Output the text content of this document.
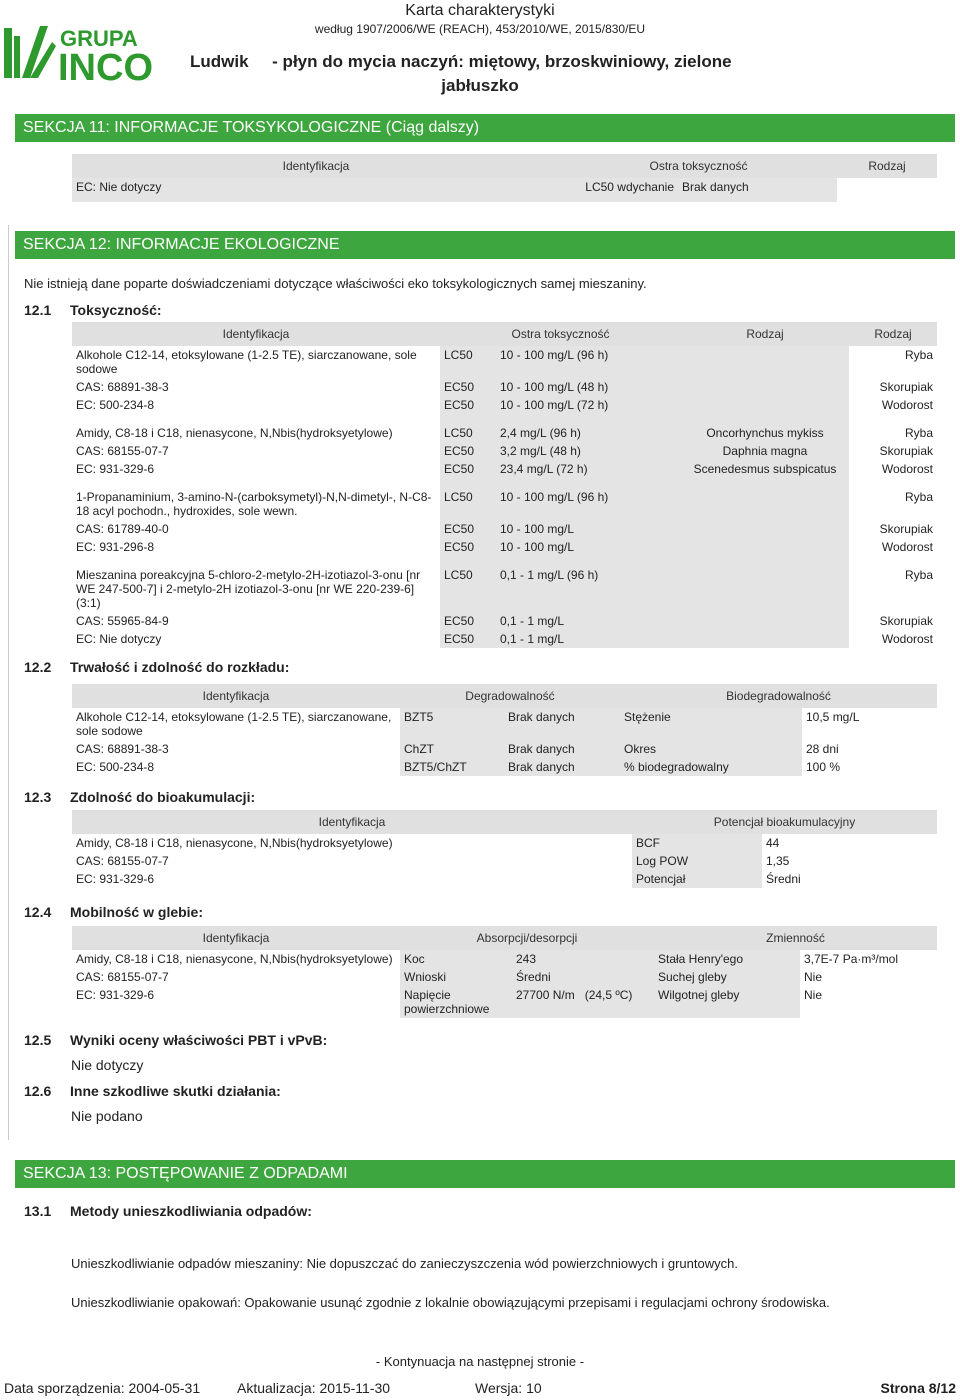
GRUPA
INCO
Karta charakterystyki
według 1907/2006/WE (REACH), 453/2010/WE, 2015/830/EU
Ludwik     - płyn do mycia naczyń: miętowy, brzoskwiniowy, zielone
jabłuszko
SEKCJA 11: INFORMACJE TOKSYKOLOGICZNE (Ciąg dalszy)
Identyfikacja	Ostra toksyczność		Rodzaj
EC: Nie dotyczy	LC50 wdychanie	Brak danych	
SEKCJA 12: INFORMACJE EKOLOGICZNE
Nie istnieją dane poparte doświadczeniami dotyczące właściwości eko toksykologicznych samej mieszaniny.
12.1 Toksyczność:
Identyfikacja	Ostra toksyczność		Rodzaj	Rodzaj
Alkohole C12-14, etoksylowane (1-2.5 TE), siarczanowane, sole sodowe	LC50	10 - 100 mg/L (96 h)		Ryba
CAS: 68891-38-3	EC50	10 - 100 mg/L (48 h)		Skorupiak
EC: 500-234-8	EC50	10 - 100 mg/L (72 h)		Wodorost

Amidy, C8-18 i C18, nienasycone, N,Nbis(hydroksyetylowe)	LC50	2,4 mg/L (96 h)	Oncorhynchus mykiss	Ryba
CAS: 68155-07-7	EC50	3,2 mg/L (48 h)	Daphnia magna	Skorupiak
EC: 931-329-6	EC50	23,4 mg/L (72 h)	Scenedesmus subspicatus	Wodorost

1-Propanaminium, 3-amino-N-(carboksymetyl)-N,N-dimetyl-, N-C8-18 acyl pochodn., hydroxides, sole wewn.	LC50	10 - 100 mg/L (96 h)		Ryba
CAS: 61789-40-0	EC50	10 - 100 mg/L		Skorupiak
EC: 931-296-8	EC50	10 - 100 mg/L		Wodorost

Mieszanina poreakcyjna 5-chloro-2-metylo-2H-izotiazol-3-onu [nr WE 247-500-7] i 2-metylo-2H izotiazol-3-onu [nr WE 220-239-6] (3:1)	LC50	0,1 - 1 mg/L (96 h)		Ryba
CAS: 55965-84-9	EC50	0,1 - 1 mg/L		Skorupiak
EC: Nie dotyczy	EC50	0,1 - 1 mg/L		Wodorost
12.2 Trwałość i zdolność do rozkładu:
Identyfikacja	Degradowalność		Biodegradowalność	
Alkohole C12-14, etoksylowane (1-2.5 TE), siarczanowane, sole sodowe	BZT5	Brak danych	Stężenie	10,5 mg/L
CAS: 68891-38-3	ChZT	Brak danych	Okres	28 dni
EC: 500-234-8	BZT5/ChZT	Brak danych	% biodegradowalny	100 %
12.3 Zdolność do bioakumulacji:
Identyfikacja	Potencjał bioakumulacyjny	
Amidy, C8-18 i C18, nienasycone, N,Nbis(hydroksyetylowe)	BCF	44
CAS: 68155-07-7	Log POW	1,35
EC: 931-329-6	Potencjał	Średni
12.4 Mobilność w glebie:
Identyfikacja	Absorpcji/desorpcji		Zmienność	
Amidy, C8-18 i C18, nienasycone, N,Nbis(hydroksyetylowe)	Koc	243	Stała Henry'ego	3,7E-7 Pa·m³/mol
CAS: 68155-07-7	Wnioski	Średni	Suchej gleby	Nie
EC: 931-329-6	Napięcie powierzchniowe	27700 N/m   (24,5 ºC)	Wilgotnej gleby	Nie
12.5 Wyniki oceny właściwości PBT i vPvB:
Nie dotyczy
12.6 Inne szkodliwe skutki działania:
Nie podano
SEKCJA 13: POSTĘPOWANIE Z ODPADAMI
13.1 Metody unieszkodliwiania odpadów:
Unieszkodliwianie odpadów mieszaniny: Nie dopuszczać do zanieczyszczenia wód powierzchniowych i gruntowych.
Unieszkodliwianie opakowań: Opakowanie usunąć zgodnie z lokalnie obowiązującymi przepisami i regulacjami ochrony środowiska.
- Kontynuacja na następnej stronie -
Data sporządzenia: 2004-05-31	Aktualizacja: 2015-11-30	Wersja: 10	Strona 8/12
